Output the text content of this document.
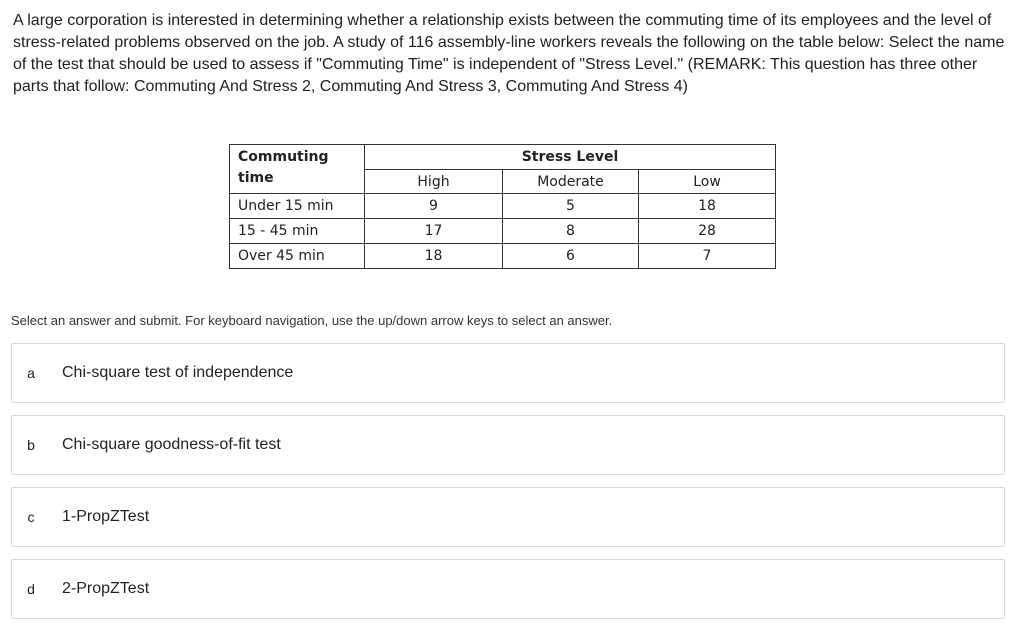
A large corporation is interested in determining whether a relationship exists between the commuting time of its employees and the level of stress-related problems observed on the job. A study of 116 assembly-line workers reveals the following on the table below: Select the name of the test that should be used to assess if "Commuting Time" is independent of "Stress Level." (REMARK: This question has three other parts that follow: Commuting And Stress 2, Commuting And Stress 3, Commuting And Stress 4)

Commuting time	Stress Level		
	High	Moderate	Low
Under 15 min	9	5	18
15 - 45 min	17	8	28
Over 45 min	18	6	7

Select an answer and submit. For keyboard navigation, use the up/down arrow keys to select an answer.

a	Chi-square test of independence
b	Chi-square goodness-of-fit test
c	1-PropZTest
d	2-PropZTest
